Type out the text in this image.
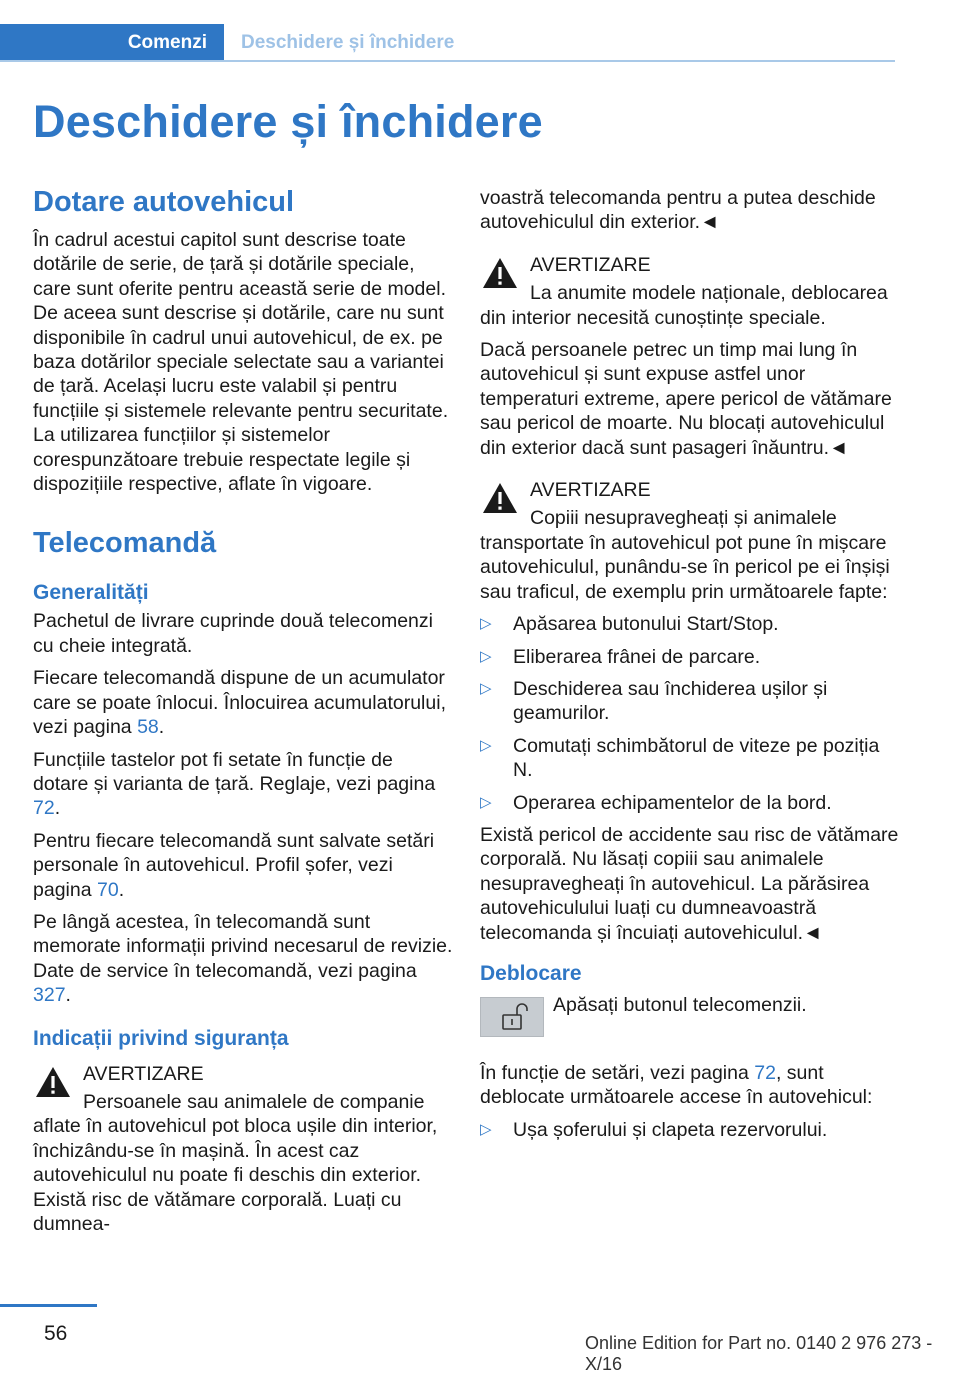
Comenzi	Deschidere și închidere
Deschidere și închidere
Dotare autovehicul

În cadrul acestui capitol sunt descrise toate dotările de serie, de țară și dotările speciale, care sunt oferite pentru această serie de model. De aceea sunt descrise și dotările, care nu sunt disponibile în cadrul unui autovehicul, de ex. pe baza dotărilor speciale selectate sau a variantei de țară. Același lucru este valabil și pentru funcțiile și sistemele relevante pentru securitate. La utilizarea funcțiilor și sistemelor corespunzătoare trebuie respectate legile și dispozițiile respective, aflate în vigoare.

Telecomandă
Generalități

Pachetul de livrare cuprinde două telecomenzi cu cheie integrată.

Fiecare telecomandă dispune de un acumulator care se poate înlocui. Înlocuirea acumulatorului, vezi pagina 58.

Funcțiile tastelor pot fi setate în funcție de dotare și varianta de țară. Reglaje, vezi pagina 72.

Pentru fiecare telecomandă sunt salvate setări personale în autovehicul. Profil șofer, vezi pagina 70.

Pe lângă acestea, în telecomandă sunt memorate informații privind necesarul de revizie. Date de service în telecomandă, vezi pagina 327.

Indicații privind siguranța
AVERTIZARE

Persoanele sau animalele de companie aflate în autovehicul pot bloca ușile din interior, închizându-se în mașină. În acest caz autovehiculul nu poate fi deschis din exterior. Există risc de vătămare corporală. Luați cu dumnea-

voastră telecomanda pentru a putea deschide autovehiculul din exterior.◄

AVERTIZARE

La anumite modele naționale, deblocarea din interior necesită cunoștințe speciale.

Dacă persoanele petrec un timp mai lung în autovehicul și sunt expuse astfel unor temperaturi extreme, apere pericol de vătămare sau pericol de moarte. Nu blocați autovehiculul din exterior dacă sunt pasageri înăuntru.◄

AVERTIZARE

Copiii nesupravegheați și animalele transportate în autovehicul pot pune în mișcare autovehiculul, punându-se în pericol pe ei înșiși sau traficul, de exemplu prin următoarele fapte:

▷ Apăsarea butonului Start/Stop.
▷ Eliberarea frânei de parcare.
▷ Deschiderea sau închiderea ușilor și geamurilor.
▷ Comutați schimbătorul de viteze pe poziția N.
▷ Operarea echipamentelor de la bord.

Există pericol de accidente sau risc de vătămare corporală. Nu lăsați copiii sau animalele nesupravegheați în autovehicul. La părăsirea autovehiculului luați cu dumneavoastră telecomanda și încuiați autovehiculul.◄

Deblocare
Apăsați butonul telecomenzii.

În funcție de setări, vezi pagina 72, sunt deblocate următoarele accese în autovehicul:

▷ Ușa șoferului și clapeta rezervorului.
56	Online Edition for Part no. 0140 2 976 273 - X/16
